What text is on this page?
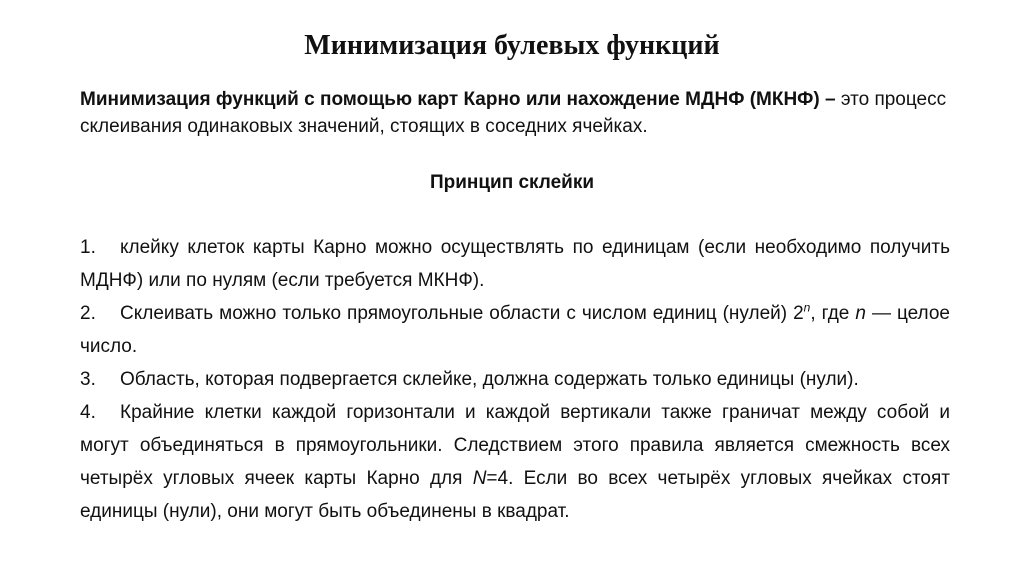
Минимизация булевых функций
Минимизация функций с помощью карт Карно или нахождение МДНФ (МКНФ) – это процесс склеивания одинаковых значений, стоящих в соседних ячейках.
Принцип склейки
1. клейку клеток карты Карно можно осуществлять по единицам (если необходимо получить МДНФ) или по нулям (если требуется МКНФ).
2. Склеивать можно только прямоугольные области с числом единиц (нулей) 2$^n$, где n — целое число.
3. Область, которая подвергается склейке, должна содержать только единицы (нули).
4. Крайние клетки каждой горизонтали и каждой вертикали также граничат между собой и могут объединяться в прямоугольники. Следствием этого правила является смежность всех четырёх угловых ячеек карты Карно для N=4. Если во всех четырёх угловых ячейках стоят единицы (нули), они могут быть объединены в квадрат.
